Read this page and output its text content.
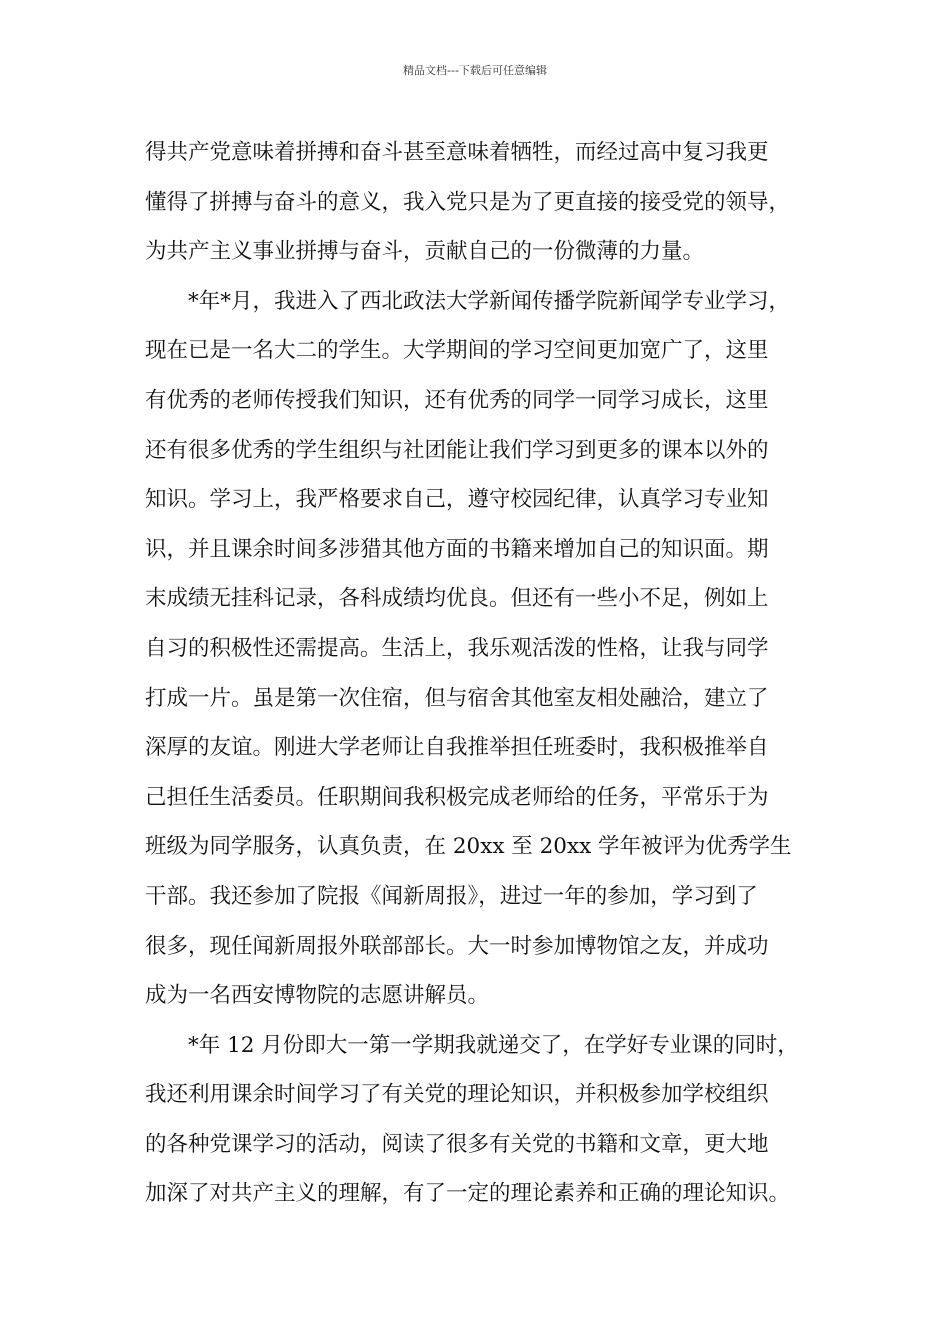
精品文档---下载后可任意编辑
得共产党意味着拼搏和奋斗甚至意味着牺牲，而经过高中复习我更
懂得了拼搏与奋斗的意义，我入党只是为了更直接的接受党的领导，
为共产主义事业拼搏与奋斗，贡献自己的一份微薄的力量。
*年*月，我进入了西北政法大学新闻传播学院新闻学专业学习，
现在已是一名大二的学生。大学期间的学习空间更加宽广了，这里
有优秀的老师传授我们知识，还有优秀的同学一同学习成长，这里
还有很多优秀的学生组织与社团能让我们学习到更多的课本以外的
知识。学习上，我严格要求自己，遵守校园纪律，认真学习专业知
识，并且课余时间多涉猎其他方面的书籍来增加自己的知识面。期
末成绩无挂科记录，各科成绩均优良。但还有一些小不足，例如上
自习的积极性还需提高。生活上，我乐观活泼的性格，让我与同学
打成一片。虽是第一次住宿，但与宿舍其他室友相处融洽，建立了
深厚的友谊。刚进大学老师让自我推举担任班委时，我积极推举自
己担任生活委员。任职期间我积极完成老师给的任务，平常乐于为
班级为同学服务，认真负责，在 20xx 至 20xx 学年被评为优秀学生
干部。我还参加了院报《闻新周报》，进过一年的参加，学习到了
很多，现任闻新周报外联部部长。大一时参加博物馆之友，并成功
成为一名西安博物院的志愿讲解员。
*年 12 月份即大一第一学期我就递交了，在学好专业课的同时，
我还利用课余时间学习了有关党的理论知识，并积极参加学校组织
的各种党课学习的活动，阅读了很多有关党的书籍和文章，更大地
加深了对共产主义的理解，有了一定的理论素养和正确的理论知识。
